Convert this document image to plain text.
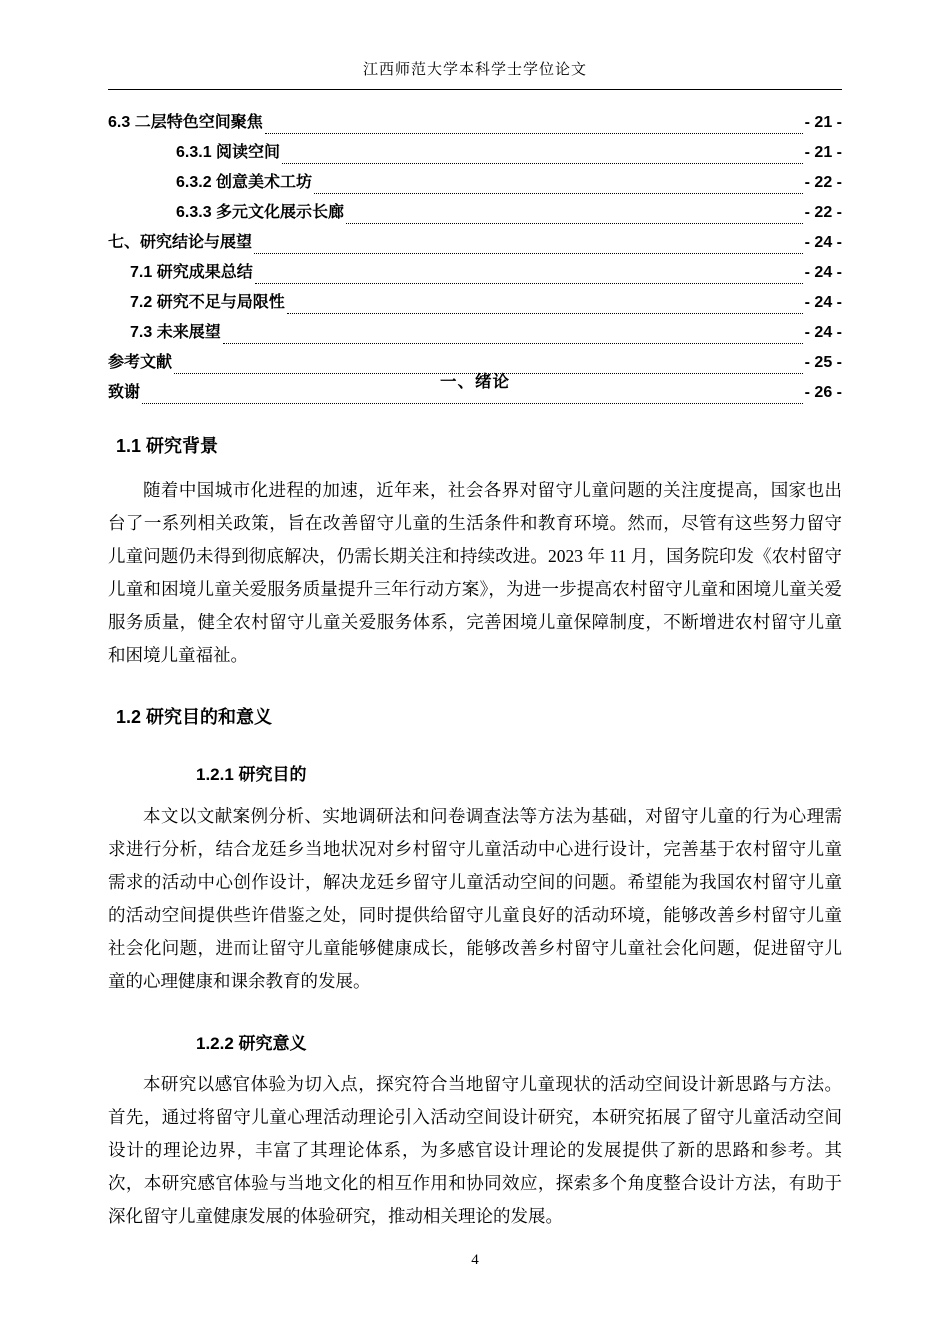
江西师范大学本科学士学位论文
6.3 二层特色空间聚焦	- 21 -
6.3.1 阅读空间	- 21 -
6.3.2 创意美术工坊	- 22 -
6.3.3 多元文化展示长廊	- 22 -
七、研究结论与展望	- 24 -
7.1 研究成果总结	- 24 -
7.2 研究不足与局限性	- 24 -
7.3 未来展望	- 24 -
参考文献	- 25 -
致谢	- 26 -
一、绪论
1.1 研究背景
随着中国城市化进程的加速，近年来，社会各界对留守儿童问题的关注度提高，国家也出台了一系列相关政策，旨在改善留守儿童的生活条件和教育环境。然而，尽管有这些努力留守儿童问题仍未得到彻底解决，仍需长期关注和持续改进。2023 年 11 月，国务院印发《农村留守儿童和困境儿童关爱服务质量提升三年行动方案》，为进一步提高农村留守儿童和困境儿童关爱服务质量，健全农村留守儿童关爱服务体系，完善困境儿童保障制度，不断增进农村留守儿童和困境儿童福祉。
1.2 研究目的和意义
1.2.1 研究目的
本文以文献案例分析、实地调研法和问卷调查法等方法为基础，对留守儿童的行为心理需求进行分析，结合龙廷乡当地状况对乡村留守儿童活动中心进行设计，完善基于农村留守儿童需求的活动中心创作设计，解决龙廷乡留守儿童活动空间的问题。希望能为我国农村留守儿童的活动空间提供些许借鉴之处，同时提供给留守儿童良好的活动环境，能够改善乡村留守儿童社会化问题，进而让留守儿童能够健康成长，能够改善乡村留守儿童社会化问题，促进留守儿童的心理健康和课余教育的发展。
1.2.2 研究意义
本研究以感官体验为切入点，探究符合当地留守儿童现状的活动空间设计新思路与方法。首先，通过将留守儿童心理活动理论引入活动空间设计研究，本研究拓展了留守儿童活动空间设计的理论边界，丰富了其理论体系，为多感官设计理论的发展提供了新的思路和参考。其次，本研究感官体验与当地文化的相互作用和协同效应，探索多个角度整合设计方法，有助于深化留守儿童健康发展的体验研究，推动相关理论的发展。
4
